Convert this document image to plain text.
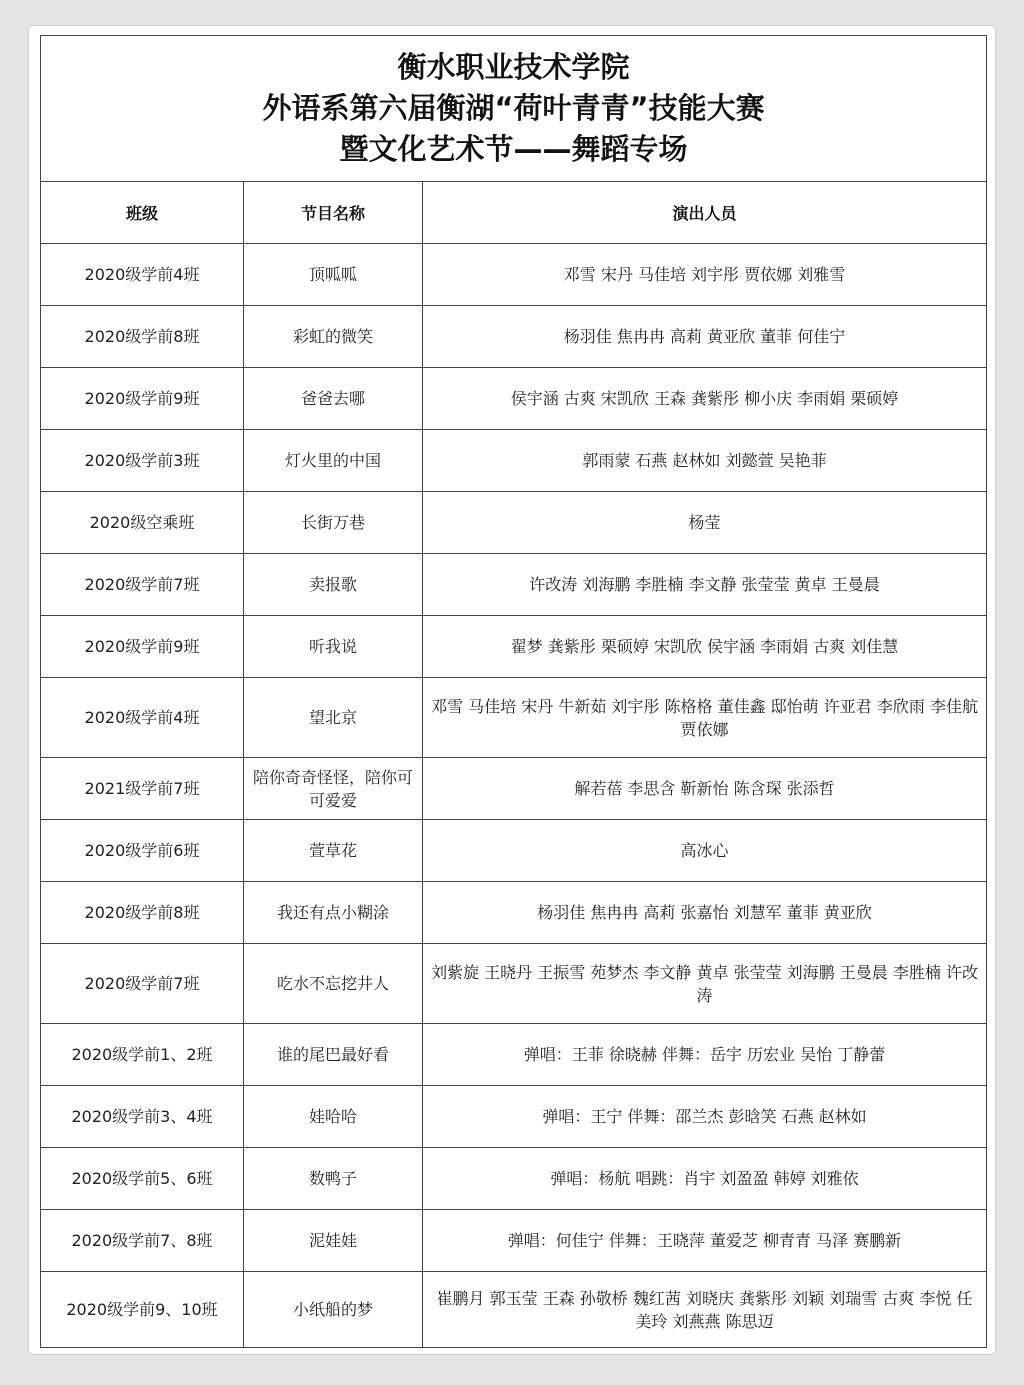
衡水职业技术学院
外语系第六届衡湖“荷叶青青”技能大赛
暨文化艺术节——舞蹈专场		

班级	节目名称	演出人员
2020级学前4班	顶呱呱	邓雪 宋丹 马佳培 刘宇彤 贾依娜 刘雅雪
2020级学前8班	彩虹的微笑	杨羽佳 焦冉冉 高莉 黄亚欣 董菲 何佳宁
2020级学前9班	爸爸去哪	侯宇涵 古爽 宋凯欣 王森 龚紫彤 柳小庆 李雨娟 栗硕婷
2020级学前3班	灯火里的中国	郭雨蒙 石燕 赵林如 刘懿萱 吴艳菲
2020级空乘班	长街万巷	杨莹
2020级学前7班	卖报歌	许改涛 刘海鹏 李胜楠 李文静 张莹莹 黄卓 王曼晨
2020级学前9班	听我说	翟梦 龚紫彤 栗硕婷 宋凯欣 侯宇涵 李雨娟 古爽 刘佳慧
2020级学前4班	望北京	邓雪 马佳培 宋丹 牛新茹 刘宇彤 陈格格 董佳鑫 邸怡萌 许亚君 李欣雨 李佳航 贾依娜
2021级学前7班	陪你奇奇怪怪，陪你可可爱爱	解若蓓 李思含 靳新怡 陈含琛 张添哲
2020级学前6班	萱草花	高冰心
2020级学前8班	我还有点小糊涂	杨羽佳 焦冉冉 高莉 张嘉怡 刘慧军 董菲 黄亚欣
2020级学前7班	吃水不忘挖井人	刘紫旋 王晓丹 王振雪 苑梦杰 李文静 黄卓 张莹莹 刘海鹏 王曼晨 李胜楠 许改涛
2020级学前1、2班	谁的尾巴最好看	弹唱：王菲 徐晓赫 伴舞：岳宇 历宏业 吴怡 丁静蕾
2020级学前3、4班	娃哈哈	弹唱：王宁 伴舞：邵兰杰 彭晗笑 石燕 赵林如
2020级学前5、6班	数鸭子	弹唱：杨航 唱跳：肖宇 刘盈盈 韩婷 刘雅依
2020级学前7、8班	泥娃娃	弹唱：何佳宁 伴舞：王晓萍 董爱芝 柳青青 马泽 赛鹏新
2020级学前9、10班	小纸船的梦	崔鹏月 郭玉莹 王森 孙敬桥 魏红茜 刘晓庆 龚紫彤 刘颖 刘瑞雪 古爽 李悦 任美玲 刘燕燕 陈思迈
